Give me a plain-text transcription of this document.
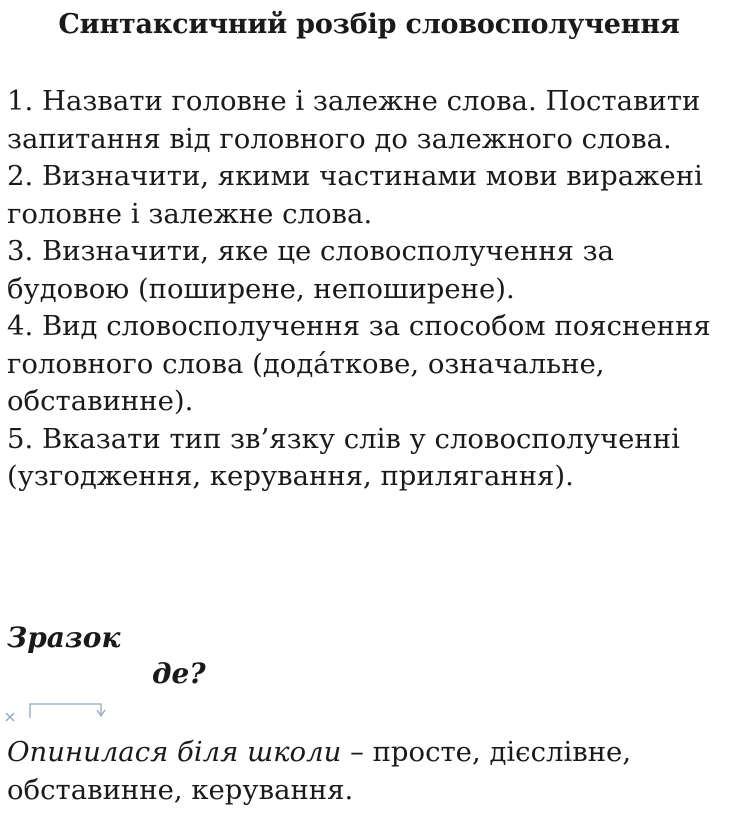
Синтаксичний розбір словосполучення
1. Назвати головне і залежне слова. Поставити запитання від головного до залежного слова.
2. Визначити, якими частинами мови виражені головне і залежне слова.
3. Визначити, яке це словосполучення за будовою (поширене, непоширене).
4. Вид словосполучення за способом пояснення головного слова (дода́ткове, означальне, обставинне).
5. Вказати тип зв’язку слів у словосполученні (узгодження, керування, прилягання).
Зразок
де?
Опинилася біля школи – просте, дієслівне, обставинне, керування.
